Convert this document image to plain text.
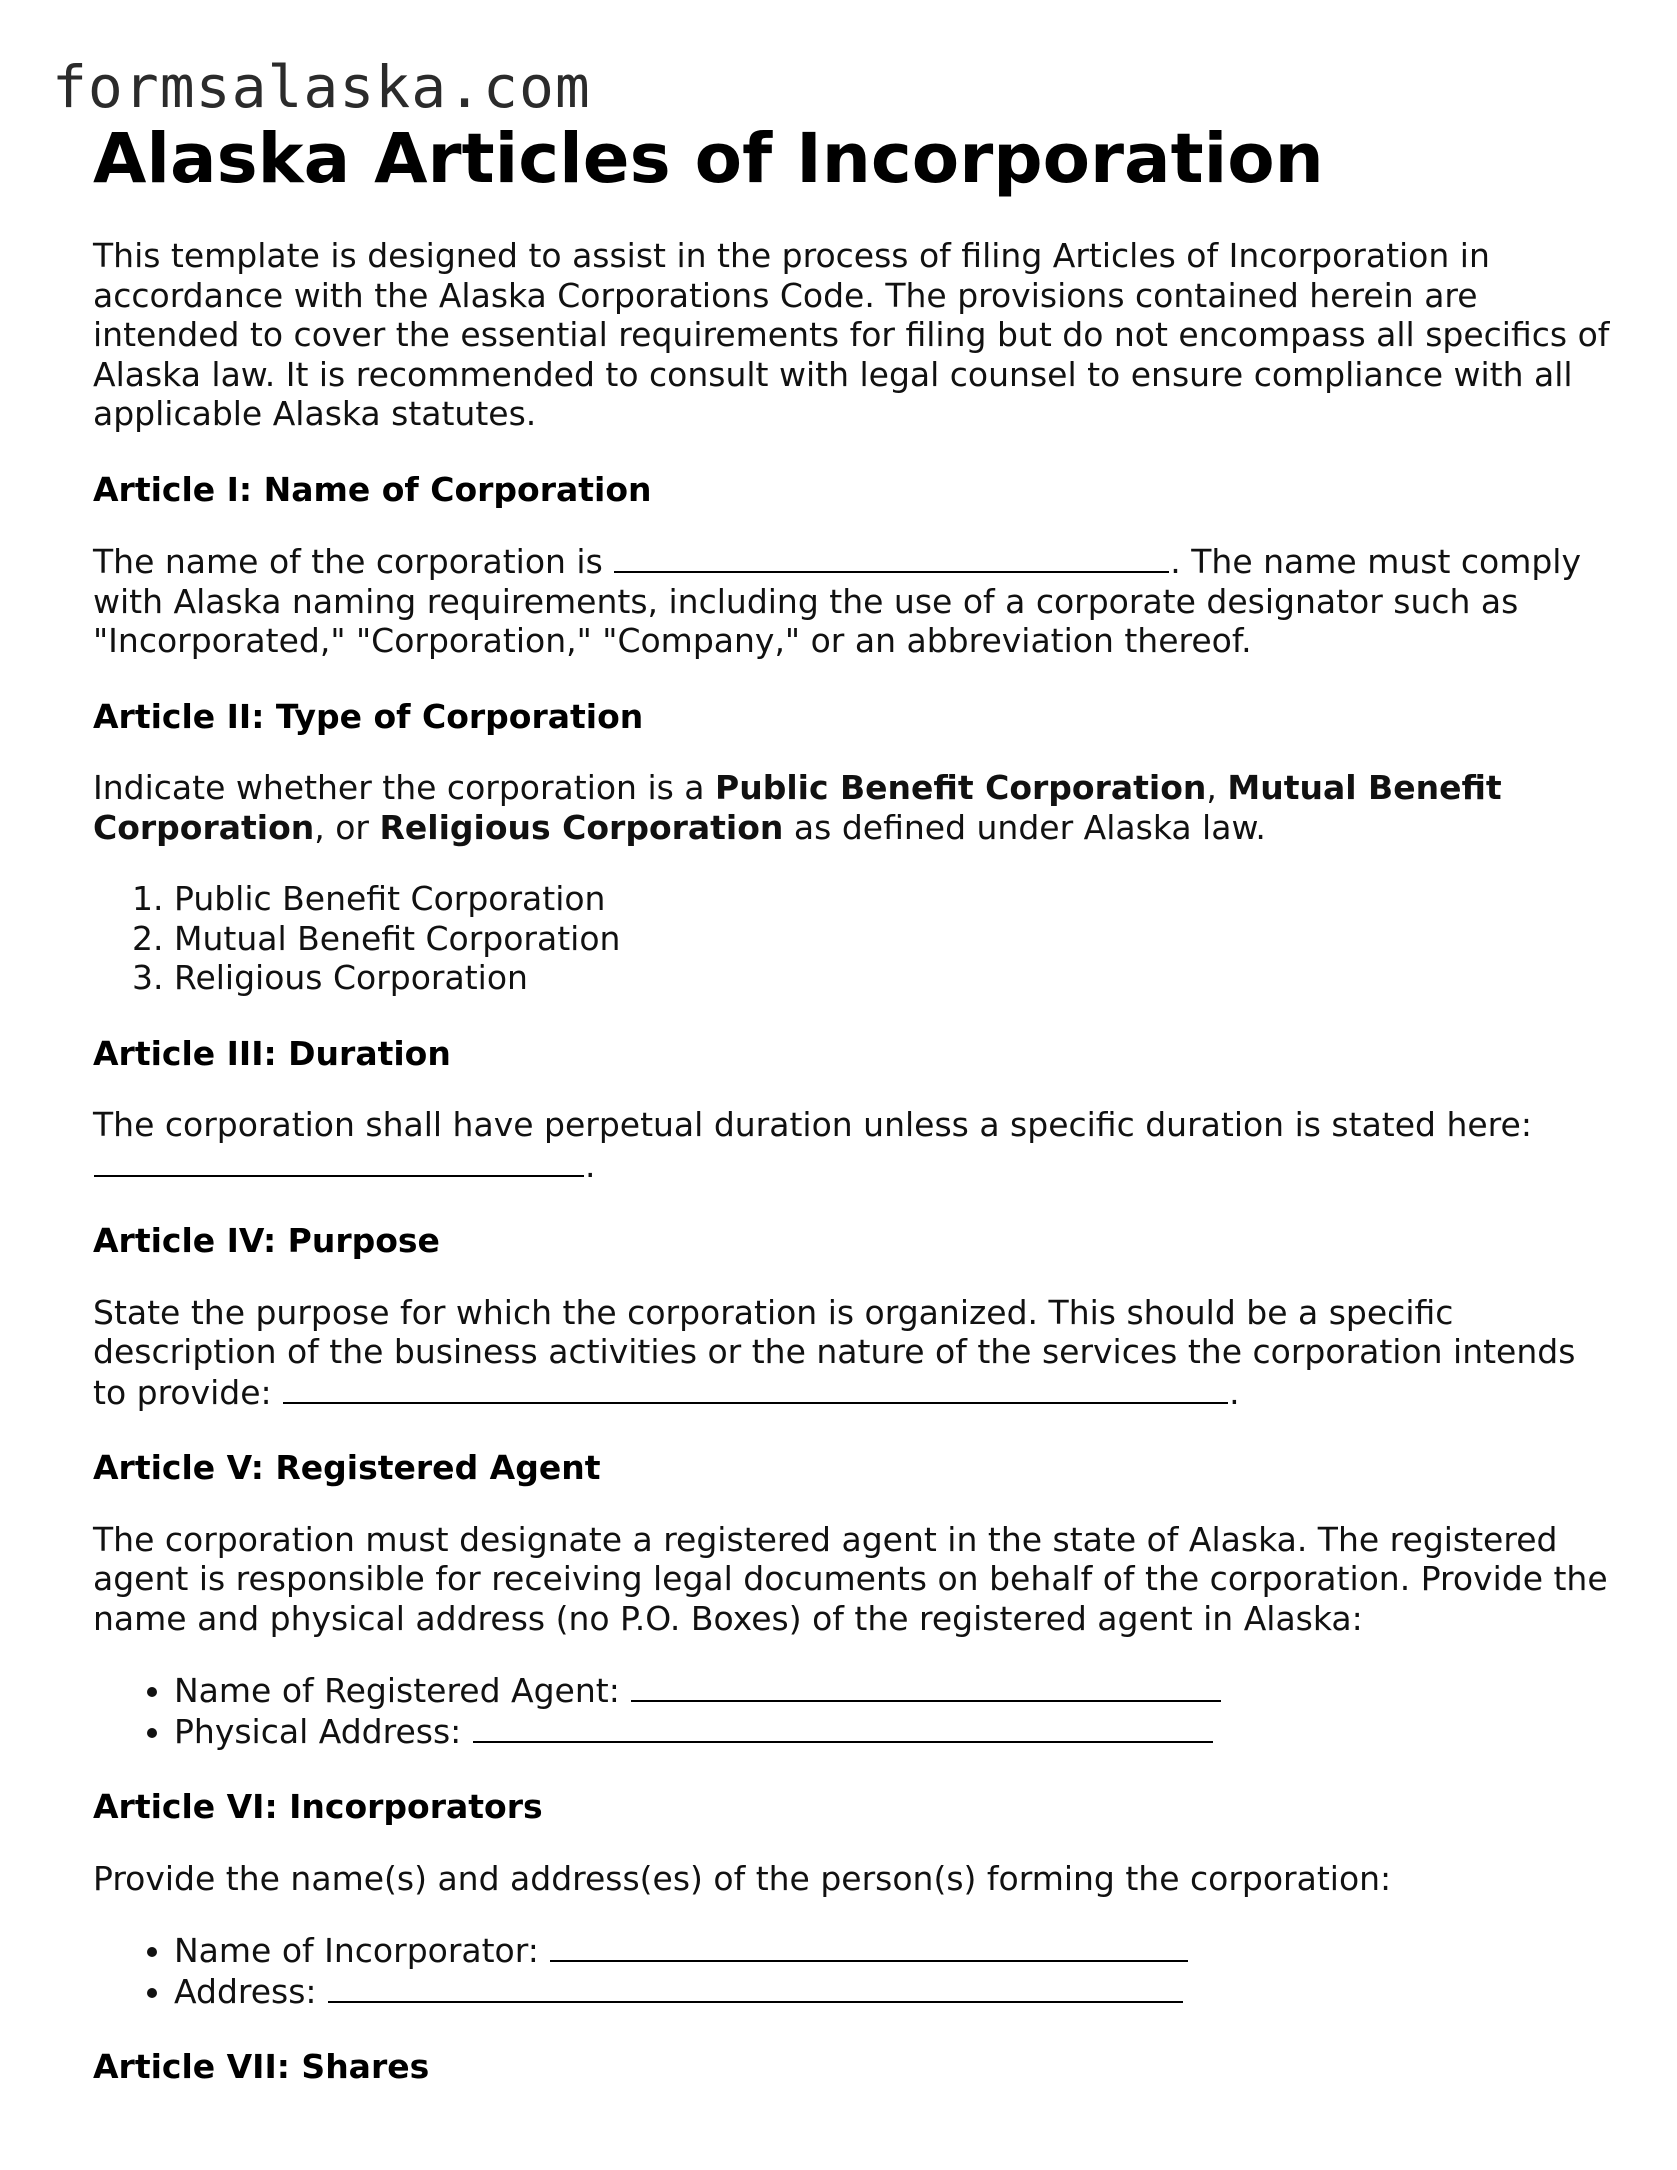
formsalaska.com
Alaska Articles of Incorporation

This template is designed to assist in the process of filing Articles of Incorporation in accordance with the Alaska Corporations Code. The provisions contained herein are intended to cover the essential requirements for filing but do not encompass all specifics of Alaska law. It is recommended to consult with legal counsel to ensure compliance with all applicable Alaska statutes.

Article I: Name of Corporation

The name of the corporation is	. The name must comply with Alaska naming requirements, including the use of a corporate designator such as "Incorporated," "Corporation," "Company," or an abbreviation thereof.

Article II: Type of Corporation

Indicate whether the corporation is a Public Benefit Corporation, Mutual Benefit Corporation, or Religious Corporation as defined under Alaska law.

1. Public Benefit Corporation
2. Mutual Benefit Corporation
3. Religious Corporation
Article III: Duration

The corporation shall have perpetual duration unless a specific duration is stated here: .

Article IV: Purpose

State the purpose for which the corporation is organized. This should be a specific description of the business activities or the nature of the services the corporation intends to provide:	.

Article V: Registered Agent

The corporation must designate a registered agent in the state of Alaska. The registered agent is responsible for receiving legal documents on behalf of the corporation. Provide the name and physical address (no P.O. Boxes) of the registered agent in Alaska:

• Name of Registered Agent:
• Physical Address:
Article VI: Incorporators

Provide the name(s) and address(es) of the person(s) forming the corporation:

• Name of Incorporator:
• Address:
Article VII: Shares
